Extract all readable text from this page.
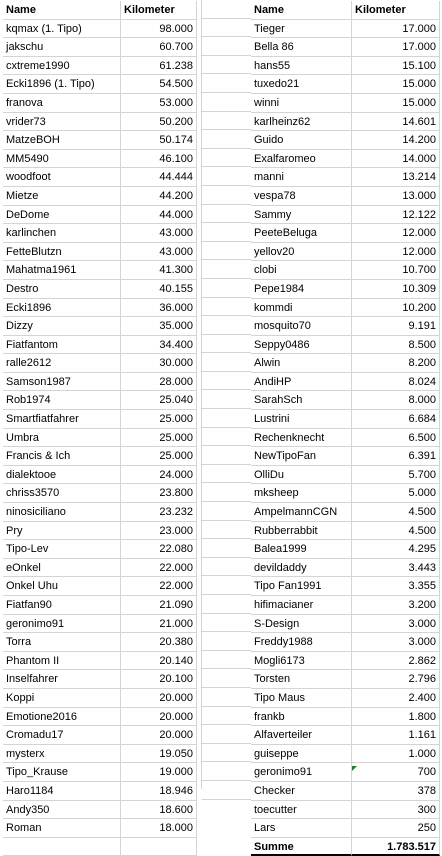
Name	Kilometer
kqmax (1. Tipo)	98.000
jakschu	60.700
cxtreme1990	61.238
Ecki1896 (1. Tipo)	54.500
franova	53.000
vrider73	50.200
MatzeBOH	50.174
MM5490	46.100
woodfoot	44.444
Mietze	44.200
DeDome	44.000
karlinchen	43.000
FetteBlutzn	43.000
Mahatma1961	41.300
Destro	40.155
Ecki1896	36.000
Dizzy	35.000
Fiatfantom	34.400
ralle2612	30.000
Samson1987	28.000
Rob1974	25.040
Smartfiatfahrer	25.000
Umbra	25.000
Francis & Ich	25.000
dialektooe	24.000
chriss3570	23.800
ninosiciliano	23.232
Pry	23.000
Tipo-Lev	22.080
eOnkel	22.000
Onkel Uhu	22.000
Fiatfan90	21.090
geronimo91	21.000
Torra	20.380
Phantom II	20.140
Inselfahrer	20.100
Koppi	20.000
Emotione2016	20.000
Cromadu17	20.000
mysterx	19.050
Tipo_Krause	19.000
Haro1184	18.946
Andy350	18.600
Roman	18.000
Name	Kilometer
Tieger	17.000
Bella 86	17.000
hans55	15.100
tuxedo21	15.000
winni	15.000
karlheinz62	14.601
Guido	14.200
Exalfaromeo	14.000
manni	13.214
vespa78	13.000
Sammy	12.122
PeeteBeluga	12.000
yellov20	12.000
clobi	10.700
Pepe1984	10.309
kommdi	10.200
mosquito70	9.191
Seppy0486	8.500
Alwin	8.200
AndiHP	8.024
SarahSch	8.000
Lustrini	6.684
Rechenknecht	6.500
NewTipoFan	6.391
OlliDu	5.700
mksheep	5.000
AmpelmannCGN	4.500
Rubberrabbit	4.500
Balea1999	4.295
devildaddy	3.443
Tipo Fan1991	3.355
hifimacianer	3.200
S-Design	3.000
Freddy1988	3.000
Mogli6173	2.862
Torsten	2.796
Tipo Maus	2.400
frankb	1.800
Alfaverteiler	1.161
guiseppe	1.000
geronimo91	700
Checker	378
toecutter	300
Lars	250
Summe	1.783.517
